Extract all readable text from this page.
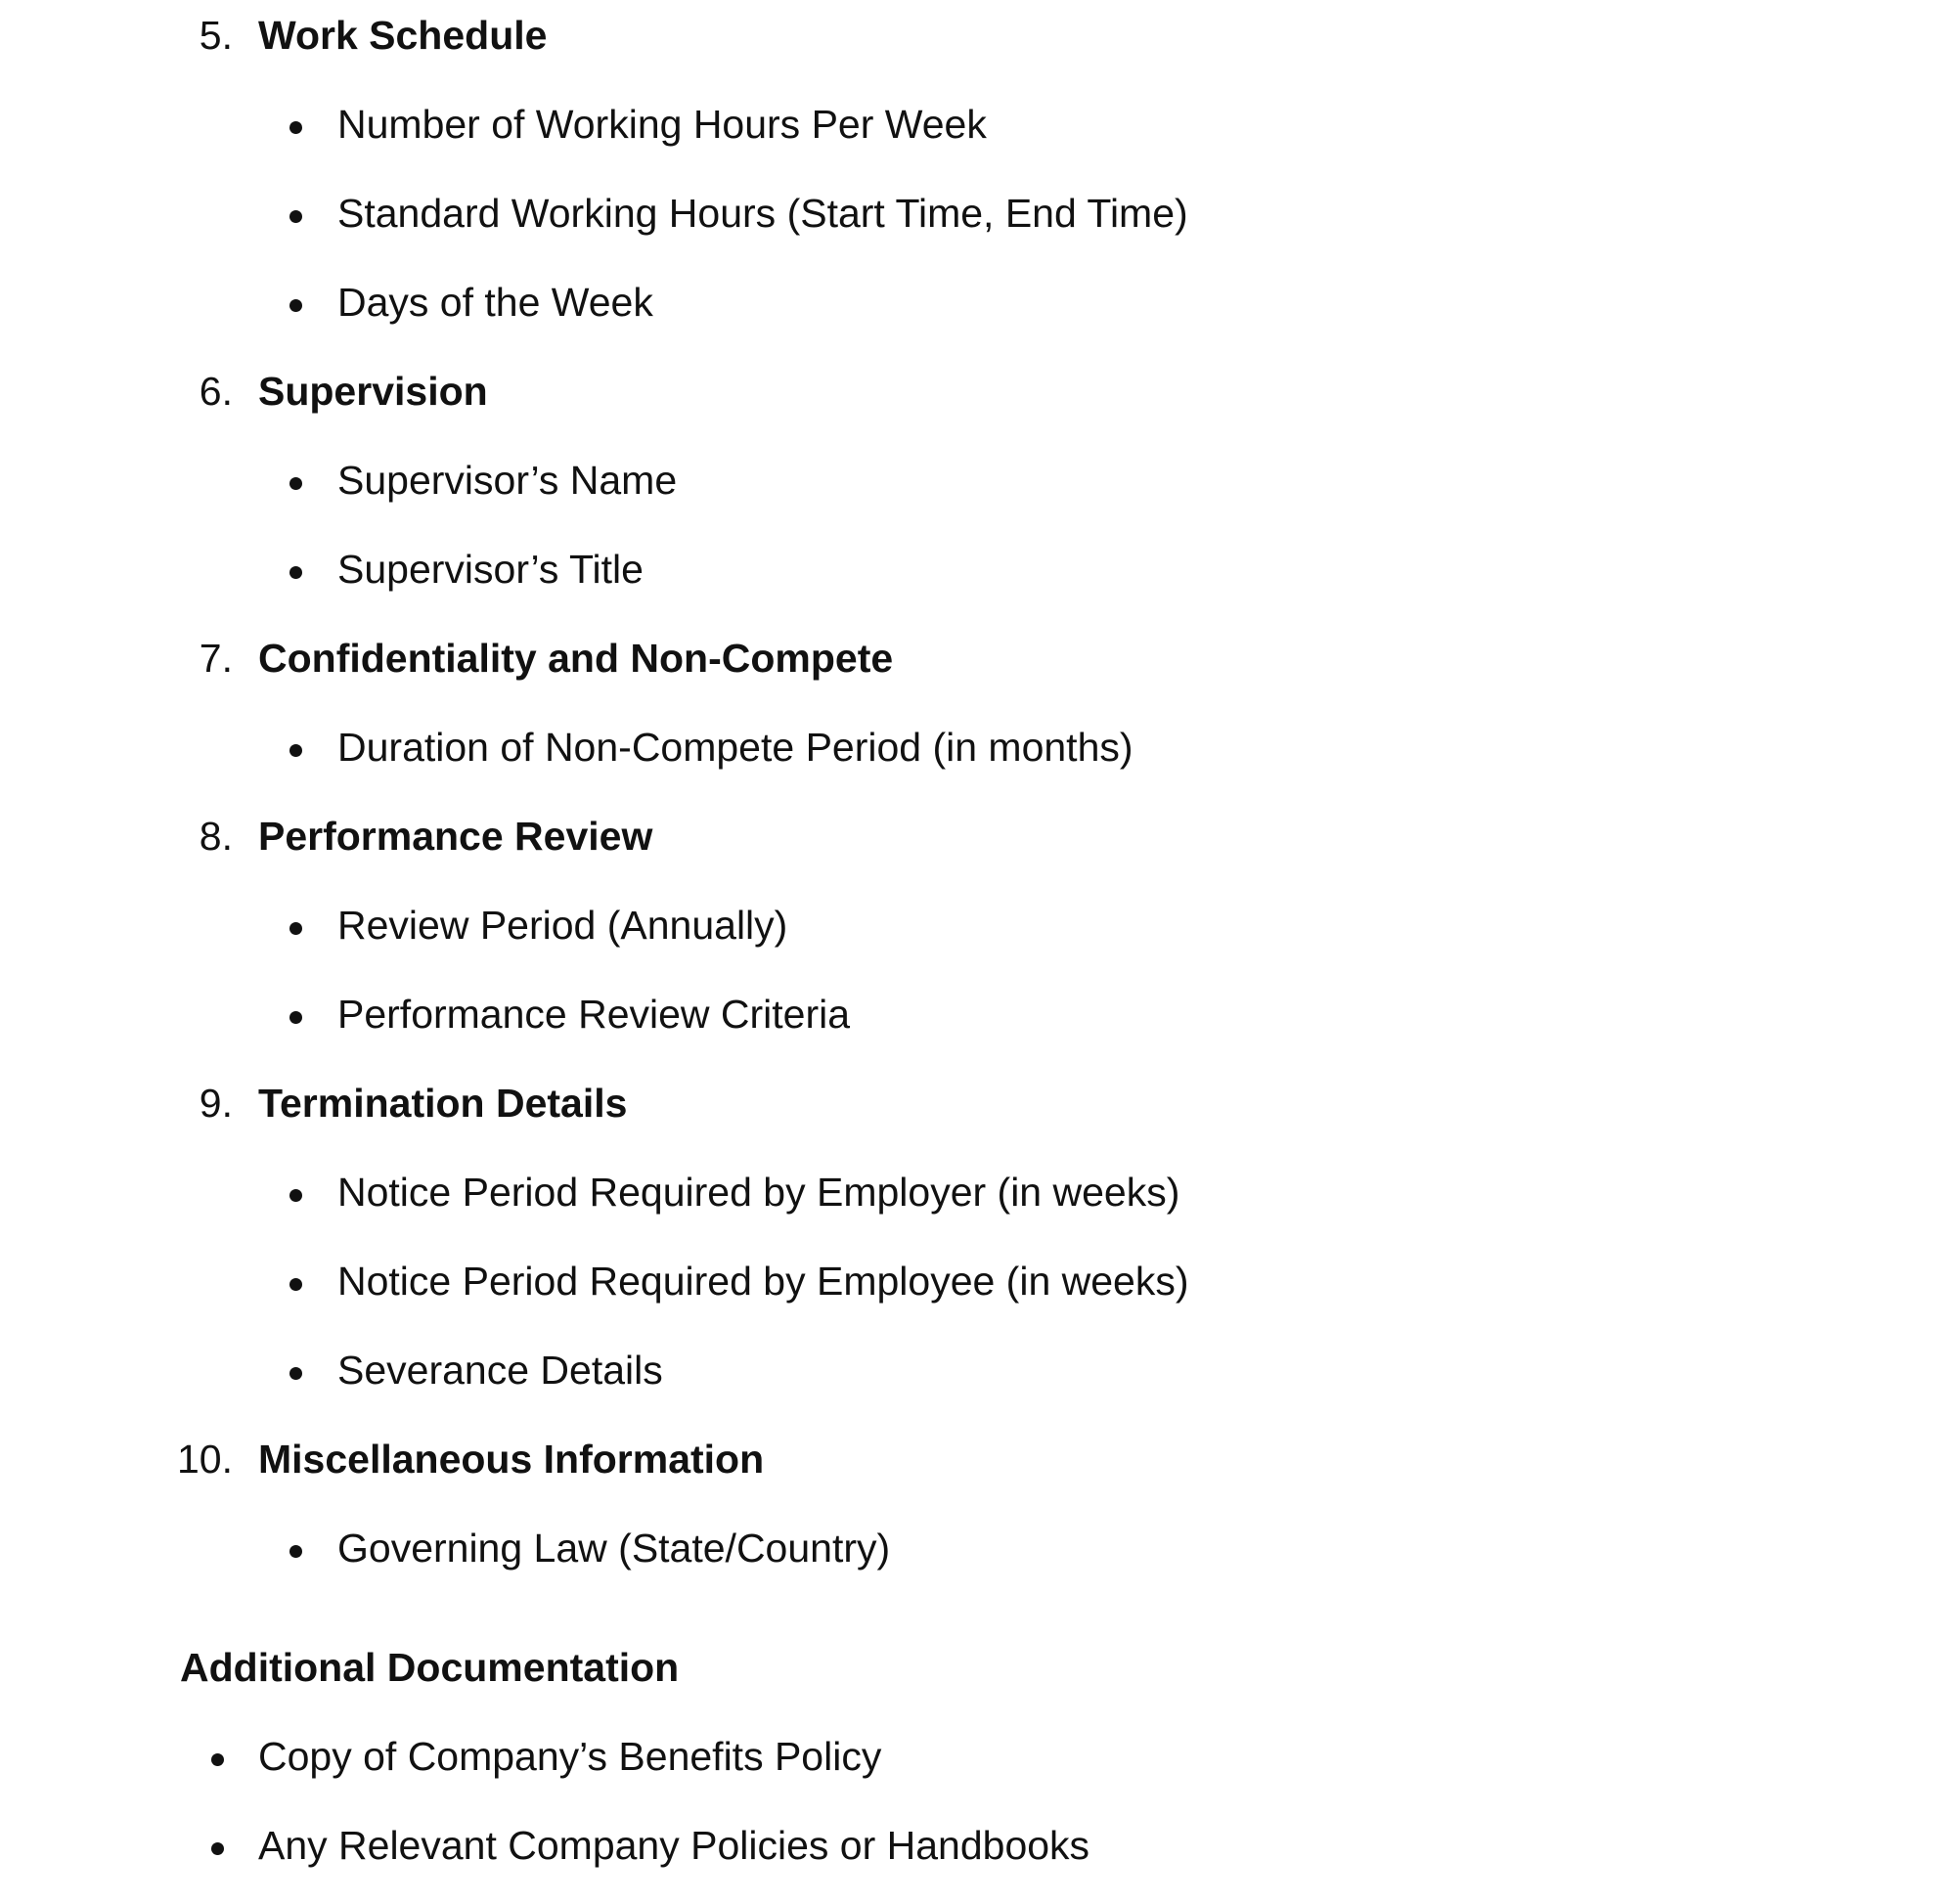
5. Work Schedule
Number of Working Hours Per Week
Standard Working Hours (Start Time, End Time)
Days of the Week
6. Supervision
Supervisor’s Name
Supervisor’s Title
7. Confidentiality and Non-Compete
Duration of Non-Compete Period (in months)
8. Performance Review
Review Period (Annually)
Performance Review Criteria
9. Termination Details
Notice Period Required by Employer (in weeks)
Notice Period Required by Employee (in weeks)
Severance Details
10. Miscellaneous Information
Governing Law (State/Country)
Additional Documentation
Copy of Company’s Benefits Policy
Any Relevant Company Policies or Handbooks
